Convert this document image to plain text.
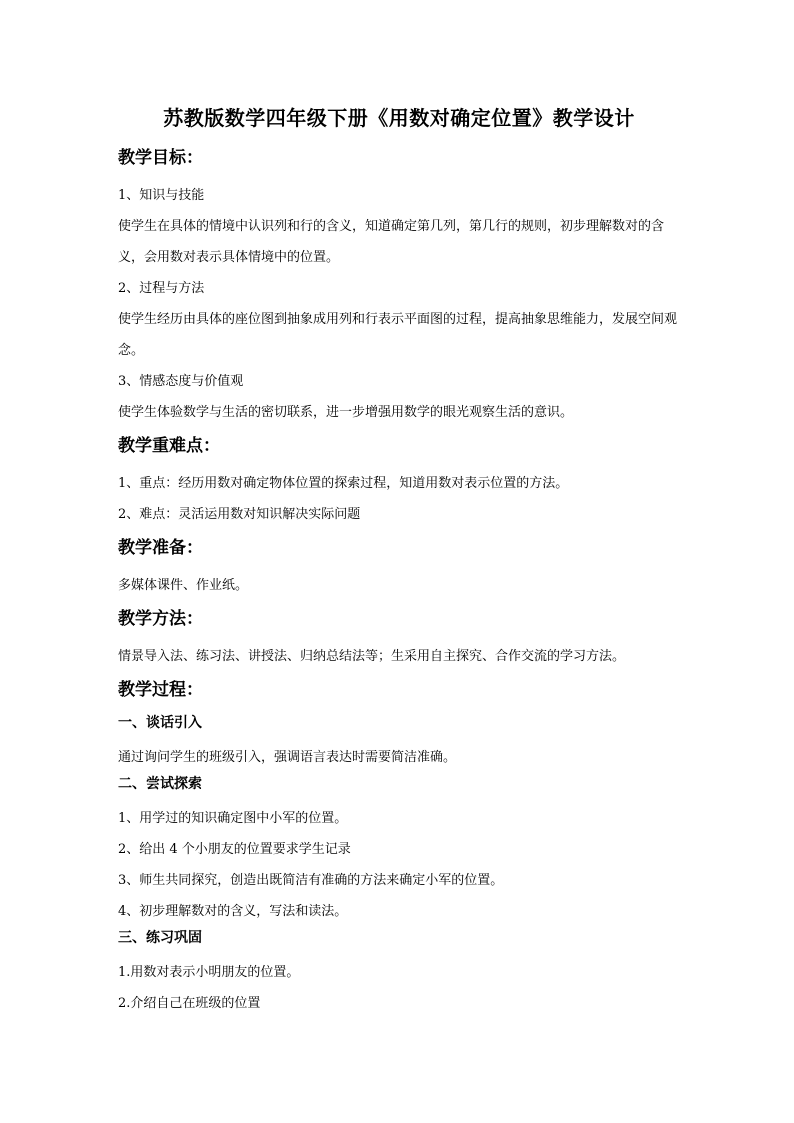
苏教版数学四年级下册《用数对确定位置》教学设计
教学目标：

1、知识与技能

使学生在具体的情境中认识列和行的含义，知道确定第几列，第几行的规则，初步理解数对的含义，会用数对表示具体情境中的位置。

2、过程与方法

使学生经历由具体的座位图到抽象成用列和行表示平面图的过程，提高抽象思维能力，发展空间观念。

3、情感态度与价值观

使学生体验数学与生活的密切联系，进一步增强用数学的眼光观察生活的意识。

教学重难点：

1、重点：经历用数对确定物体位置的探索过程，知道用数对表示位置的方法。

2、难点：灵活运用数对知识解决实际问题

教学准备：

多媒体课件、作业纸。

教学方法：

情景导入法、练习法、讲授法、归纳总结法等；生采用自主探究、合作交流的学习方法。

教学过程：
一、谈话引入

通过询问学生的班级引入，强调语言表达时需要简洁准确。

二、尝试探索

1、用学过的知识确定图中小军的位置。

2、给出 4 个小朋友的位置要求学生记录

3、师生共同探究，创造出既简洁有准确的方法来确定小军的位置。

4、初步理解数对的含义，写法和读法。

三、练习巩固

1.用数对表示小明朋友的位置。

2.介绍自己在班级的位置
